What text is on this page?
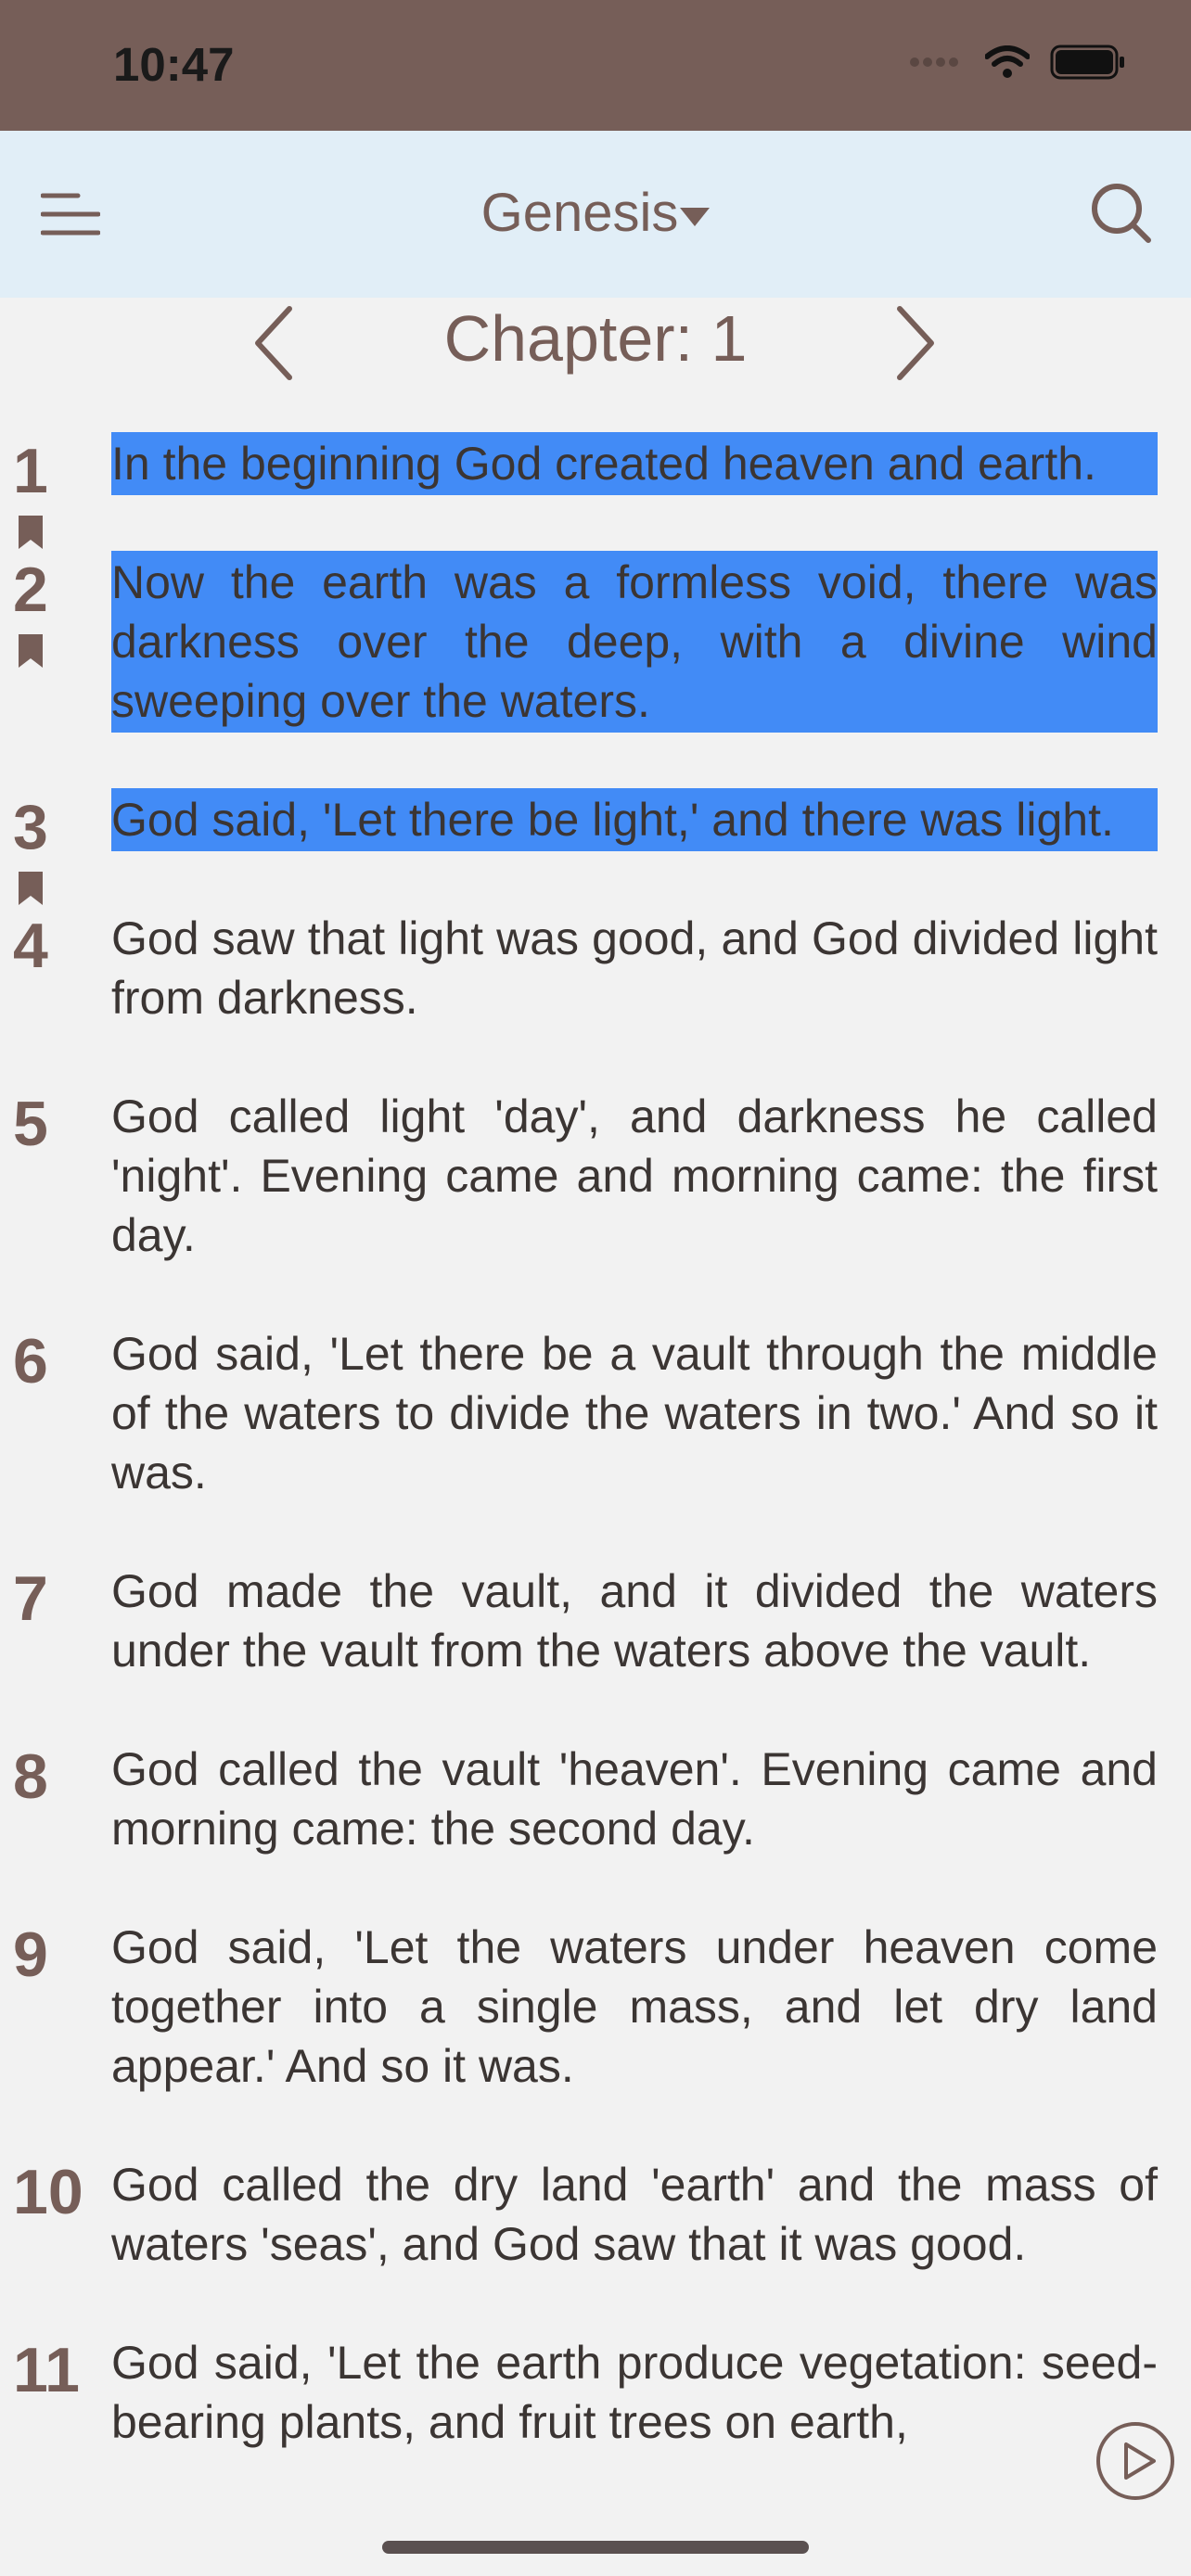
10:47
Genesis
Chapter: 1
1	In the beginning God created heaven and earth.
2	Now the earth was a formless void, there was darkness over the deep, with a divine wind sweeping over the waters.
3	God said, 'Let there be light,' and there was light.
4	God saw that light was good, and God divided light from darkness.
5	God called light 'day', and darkness he called 'night'. Evening came and morning came: the first day.
6	God said, 'Let there be a vault through the middle of the waters to divide the waters in two.' And so it was.
7	God made the vault, and it divided the waters under the vault from the waters above the vault.
8	God called the vault 'heaven'. Evening came and morning came: the second day.
9	God said, 'Let the waters under heaven come together into a single mass, and let dry land appear.' And so it was.
10 God called the dry land 'earth' and the mass of waters 'seas', and God saw that it was good.
11 God said, 'Let the earth produce vegetation: seed-bearing plants, and fruit trees on earth,
